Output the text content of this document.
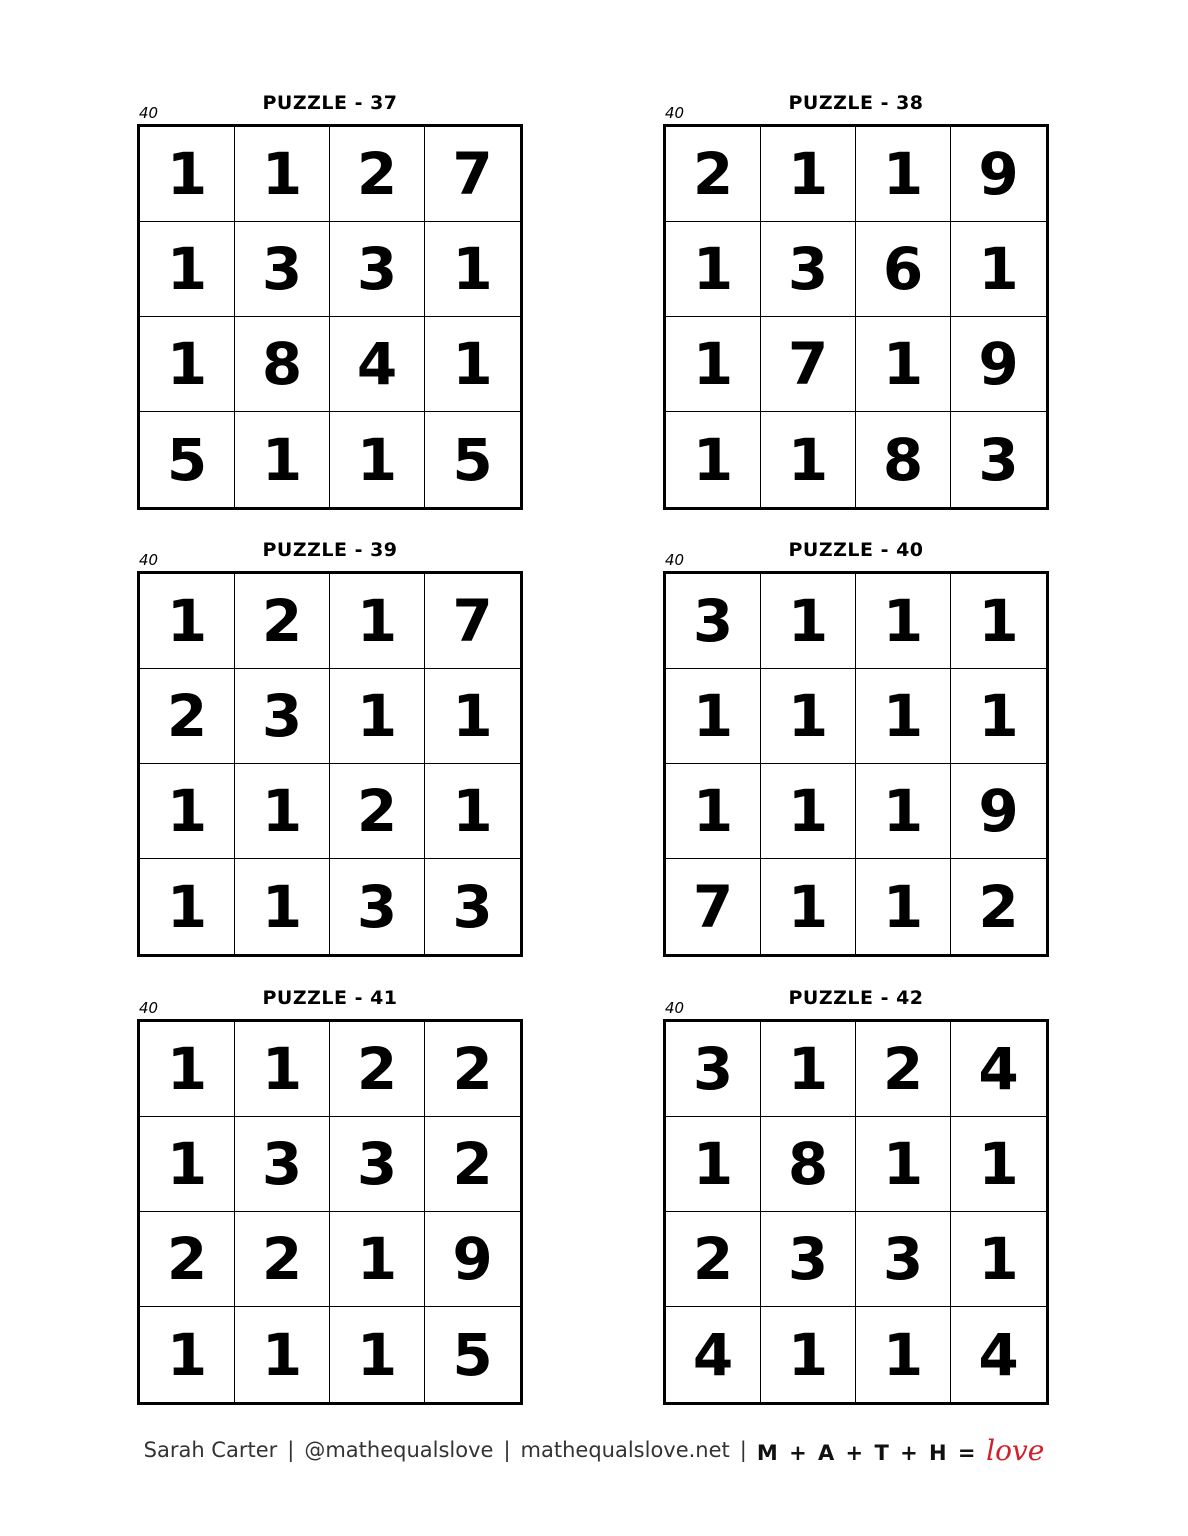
PUZZLE - 37
40
1 1 2 7
1 3 3 1
1 8 4 1
5 1 1 5
PUZZLE - 38
40
2 1 1 9
1 3 6 1
1 7 1 9
1 1 8 3
PUZZLE - 39
40
1 2 1 7
2 3 1 1
1 1 2 1
1 1 3 3
PUZZLE - 40
40
3 1 1 1
1 1 1 1
1 1 1 9
7 1 1 2
PUZZLE - 41
40
1 1 2 2
1 3 3 2
2 2 1 9
1 1 1 5
PUZZLE - 42
40
3 1 2 4
1 8 1 1
2 3 3 1
4 1 1 4
Sarah Carter | @mathequalslove | mathequalslove.net | M + A + T + H = love
